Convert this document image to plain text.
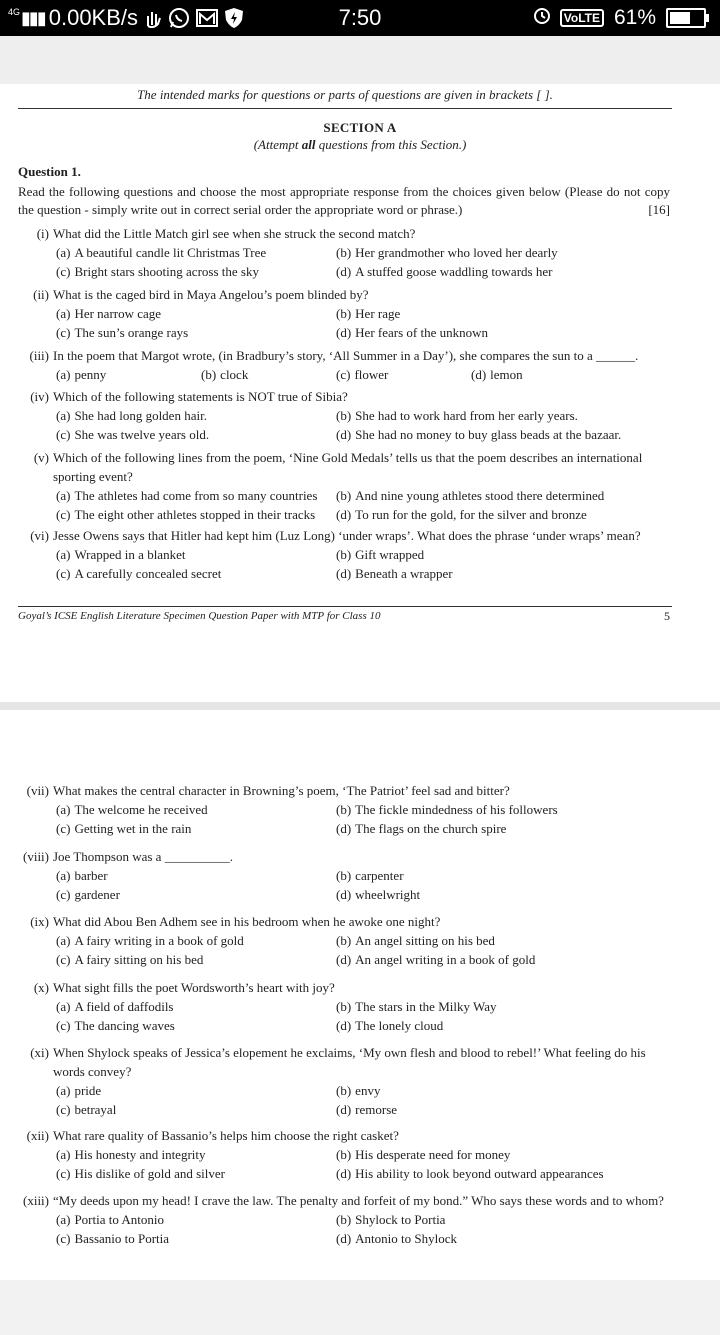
4G ▮▮▮ 0.00KB/s	7:50	VoLTE 61%

The intended marks for questions or parts of questions are given in brackets [ ].
SECTION A
(Attempt all questions from this Section.)
Question 1.
Read the following questions and choose the most appropriate response from the choices given below (Please do not copy the question - simply write out in correct serial order the appropriate word or phrase.)	[16]
(i) What did the Little Match girl see when she struck the second match?
(a) A beautiful candle lit Christmas Tree	(b) Her grandmother who loved her dearly
(c) Bright stars shooting across the sky	(d) A stuffed goose waddling towards her
(ii) What is the caged bird in Maya Angelou’s poem blinded by?
(a) Her narrow cage	(b) Her rage
(c) The sun’s orange rays	(d) Her fears of the unknown
(iii) In the poem that Margot wrote, (in Bradbury’s story, ‘All Summer in a Day’), she compares the sun to a ______.
(a) penny	(b) clock	(c) flower	(d) lemon
(iv) Which of the following statements is NOT true of Sibia?
(a) She had long golden hair.	(b) She had to work hard from her early years.
(c) She was twelve years old.	(d) She had no money to buy glass beads at the bazaar.
(v) Which of the following lines from the poem, ‘Nine Gold Medals’ tells us that the poem describes an international sporting event?
(a) The athletes had come from so many countries	(b) And nine young athletes stood there determined
(c) The eight other athletes stopped in their tracks	(d) To run for the gold, for the silver and bronze
(vi) Jesse Owens says that Hitler had kept him (Luz Long) ‘under wraps’. What does the phrase ‘under wraps’ mean?
(a) Wrapped in a blanket	(b) Gift wrapped
(c) A carefully concealed secret	(d) Beneath a wrapper
Goyal’s ICSE English Literature Specimen Question Paper with MTP for Class 10	5

(vii) What makes the central character in Browning’s poem, ‘The Patriot’ feel sad and bitter?
(a) The welcome he received	(b) The fickle mindedness of his followers
(c) Getting wet in the rain	(d) The flags on the church spire
(viii) Joe Thompson was a __________.
(a) barber	(b) carpenter
(c) gardener	(d) wheelwright
(ix) What did Abou Ben Adhem see in his bedroom when he awoke one night?
(a) A fairy writing in a book of gold	(b) An angel sitting on his bed
(c) A fairy sitting on his bed	(d) An angel writing in a book of gold
(x) What sight fills the poet Wordsworth’s heart with joy?
(a) A field of daffodils	(b) The stars in the Milky Way
(c) The dancing waves	(d) The lonely cloud
(xi) When Shylock speaks of Jessica’s elopement he exclaims, ‘My own flesh and blood to rebel!’ What feeling do his words convey?
(a) pride	(b) envy
(c) betrayal	(d) remorse
(xii) What rare quality of Bassanio’s helps him choose the right casket?
(a) His honesty and integrity	(b) His desperate need for money
(c) His dislike of gold and silver	(d) His ability to look beyond outward appearances
(xiii) “My deeds upon my head! I crave the law. The penalty and forfeit of my bond.” Who says these words and to whom?
(a) Portia to Antonio	(b) Shylock to Portia
(c) Bassanio to Portia	(d) Antonio to Shylock
